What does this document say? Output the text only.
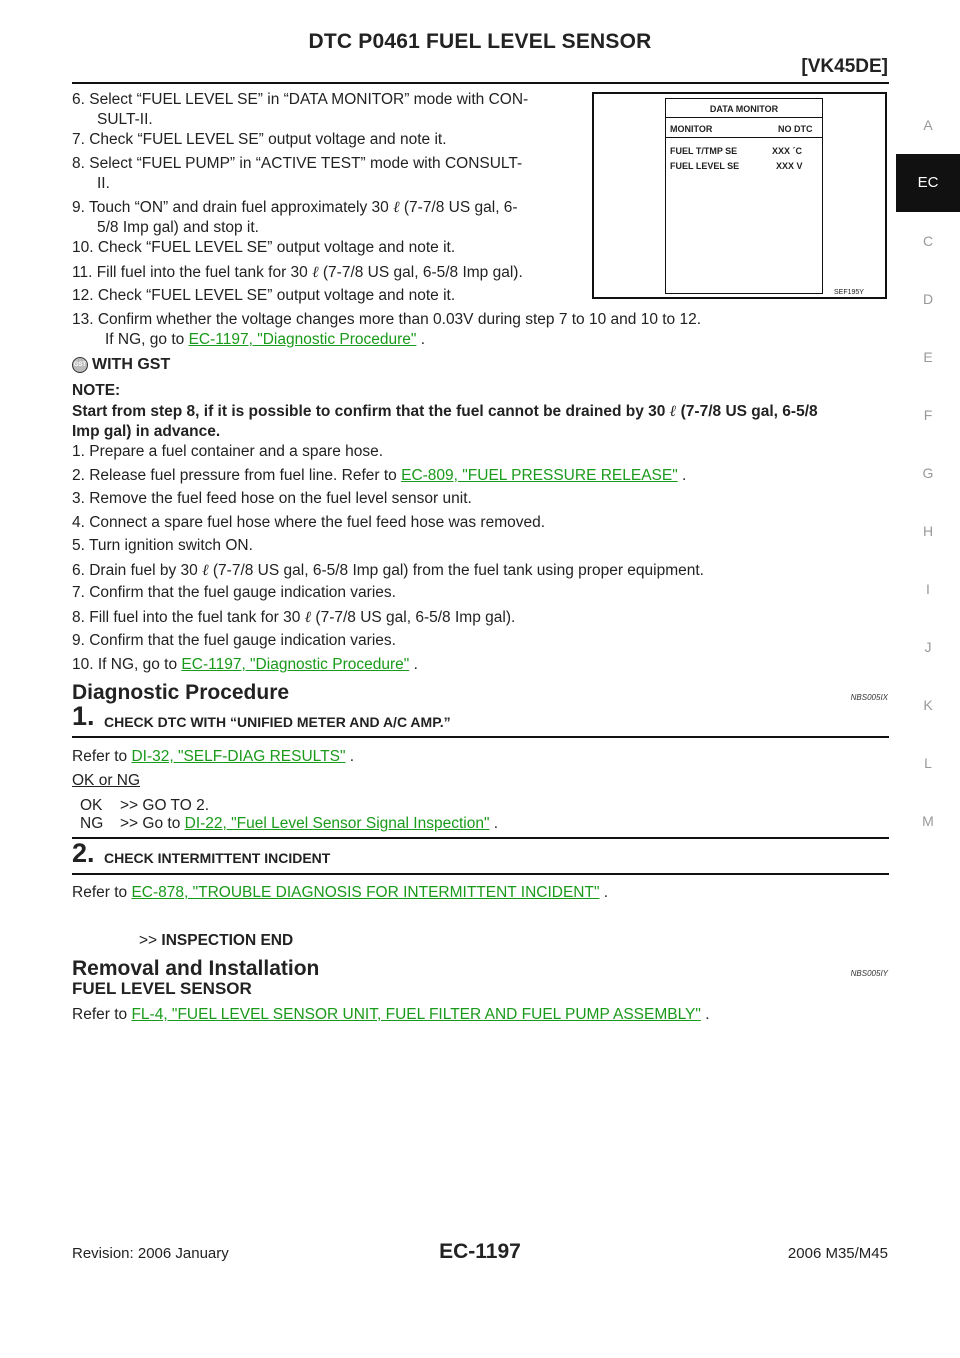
DTC P0461 FUEL LEVEL SENSOR
[VK45DE]
A
EC
C
D
E
F
G
H
I
J
K
L
M
6. Select “FUEL LEVEL SE” in “DATA MONITOR” mode with CON-
SULT-II.
7. Check “FUEL LEVEL SE” output voltage and note it.
8. Select “FUEL PUMP” in “ACTIVE TEST” mode with CONSULT-
II.
9. Touch “ON” and drain fuel approximately 30 ℓ (7-7/8 US gal, 6-
5/8 Imp gal) and stop it.
10. Check “FUEL LEVEL SE” output voltage and note it.
11. Fill fuel into the fuel tank for 30 ℓ (7-7/8 US gal, 6-5/8 Imp gal).
12. Check “FUEL LEVEL SE” output voltage and note it.
13. Confirm whether the voltage changes more than 0.03V during step 7 to 10 and 10 to 12.
If NG, go to EC-1197, "Diagnostic Procedure" .
DATA MONITOR
MONITOR	NO DTC
FUEL T/TMP SE	XXX ´C
FUEL LEVEL SE	XXX V
SEF195Y
GST WITH GST
NOTE:
Start from step 8, if it is possible to confirm that the fuel cannot be drained by 30 ℓ (7-7/8 US gal, 6-5/8
Imp gal) in advance.
1. Prepare a fuel container and a spare hose.
2. Release fuel pressure from fuel line. Refer to EC-809, "FUEL PRESSURE RELEASE" .
3. Remove the fuel feed hose on the fuel level sensor unit.
4. Connect a spare fuel hose where the fuel feed hose was removed.
5. Turn ignition switch ON.
6. Drain fuel by 30 ℓ (7-7/8 US gal, 6-5/8 Imp gal) from the fuel tank using proper equipment.
7. Confirm that the fuel gauge indication varies.
8. Fill fuel into the fuel tank for 30 ℓ (7-7/8 US gal, 6-5/8 Imp gal).
9. Confirm that the fuel gauge indication varies.
10. If NG, go to EC-1197, "Diagnostic Procedure" .
Diagnostic Procedure	NBS005IX
1. CHECK DTC WITH “UNIFIED METER AND A/C AMP.”
Refer to DI-32, "SELF-DIAG RESULTS" .
OK or NG
OK >> GO TO 2.
NG >> Go to DI-22, "Fuel Level Sensor Signal Inspection" .
2. CHECK INTERMITTENT INCIDENT
Refer to EC-878, "TROUBLE DIAGNOSIS FOR INTERMITTENT INCIDENT" .
>> INSPECTION END
Removal and Installation	NBS005IY
FUEL LEVEL SENSOR
Refer to FL-4, "FUEL LEVEL SENSOR UNIT, FUEL FILTER AND FUEL PUMP ASSEMBLY" .
Revision: 2006 January	EC-1197	2006 M35/M45
